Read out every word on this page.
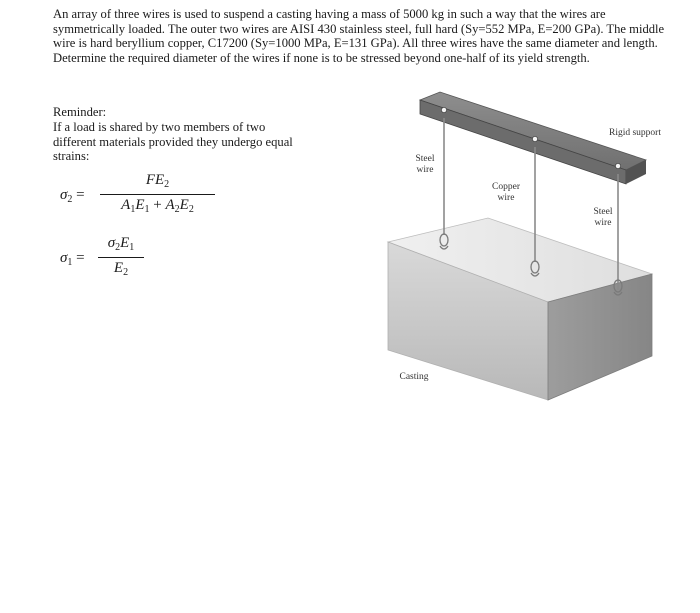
An array of three wires is used to suspend a casting having a mass of 5000 kg in such a way that the wires are symmetrically loaded. The outer two wires are AISI 430 stainless steel, full hard (Sy=552 MPa, E=200 GPa). The middle wire is hard beryllium copper, C17200 (Sy=1000 MPa, E=131 GPa). All three wires have the same diameter and length. Determine the required diameter of the wires if none is to be stressed beyond one-half of its yield strength.

Reminder:
If a load is shared by two members of two different materials provided they undergo equal strains:
$\sigma_2$ =
$FE_2$
$A_1E_1 + A_2E_2$
$\sigma_1$ =
$\sigma_2E_1$
$E_2$
Rigid support
Steel wire
Copper wire
Steel wire
Casting
